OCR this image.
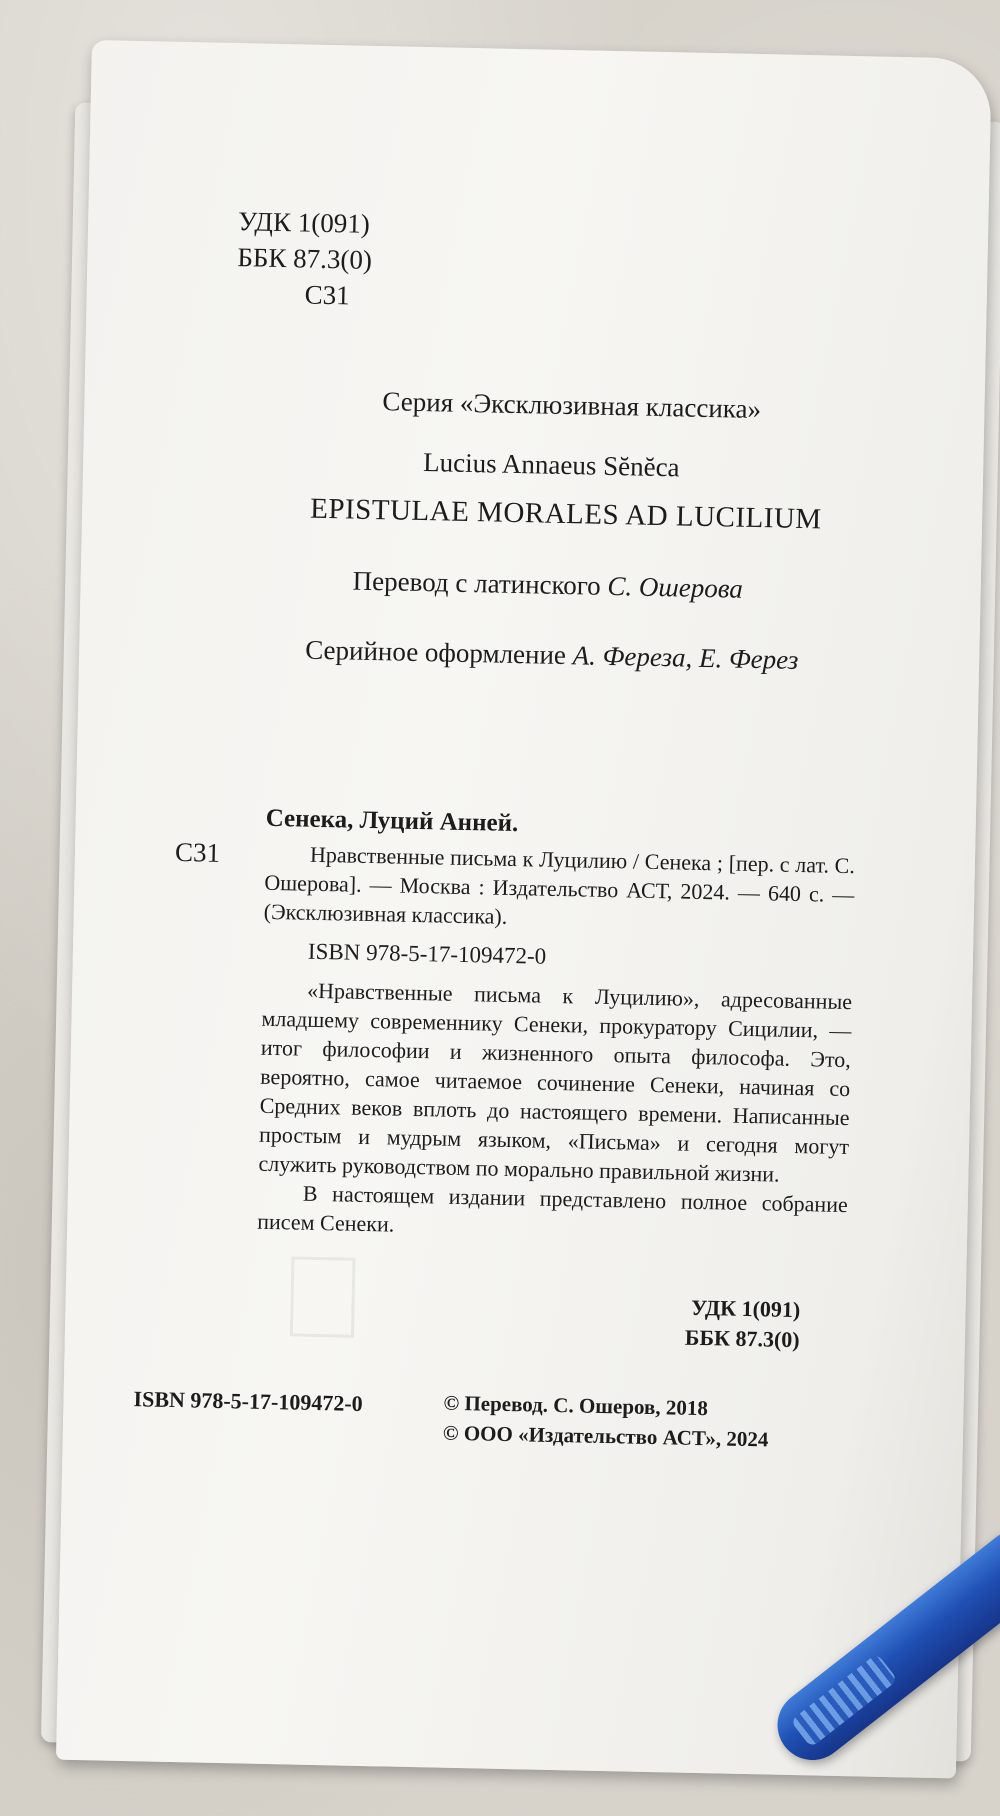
УДК 1(091)
ББК 87.3(0)
С31
Серия «Эксклюзивная классика»
Lucius Annaeus Sĕnĕca
EPISTULAE MORALES AD LUCILIUM
Перевод с латинского С. Ошерова
Серийное оформление А. Фереза, Е. Ферез
С31

Сенека, Луций Анней.

Нравственные письма к Луцилию / Сенека ; [пер. с лат. С. Ошерова]. — Москва : Издательство АСТ, 2024. — 640 с. — (Эксклюзивная классика).

ISBN 978-5-17-109472-0

«Нравственные письма к Луцилию», адресованные младшему современнику Сенеки, прокуратору Сицилии, — итог философии и жизненного опыта философа. Это, вероятно, самое читаемое сочинение Сенеки, начиная со Средних веков вплоть до настоящего времени. Написанные простым и мудрым языком, «Письма» и сегодня могут служить руководством по морально правильной жизни.

В настоящем издании представлено полное собрание писем Сенеки.

УДК 1(091)
ББК 87.3(0)
ISBN 978-5-17-109472-0	© Перевод. С. Ошеров, 2018
© ООО «Издательство АСТ», 2024
